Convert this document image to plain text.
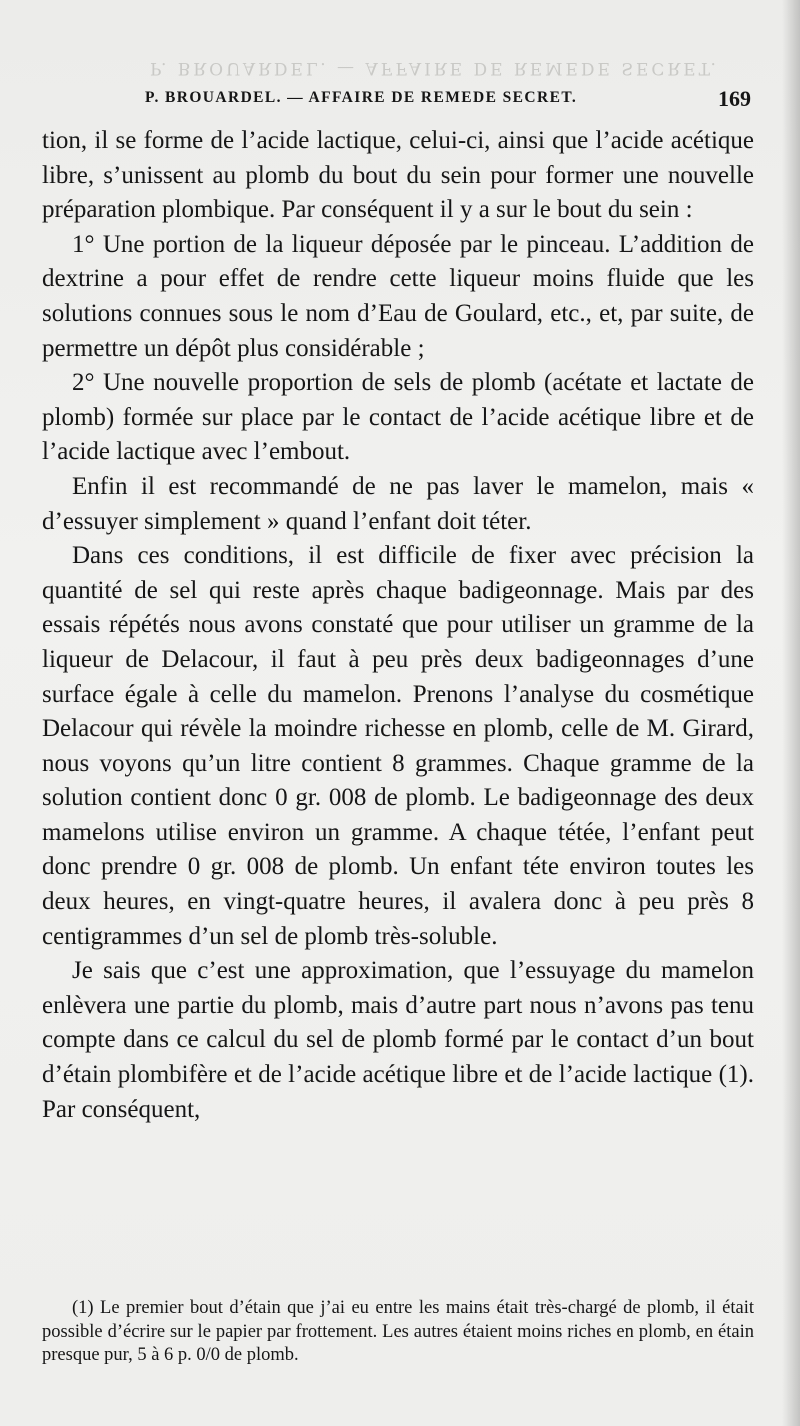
P. BROUARDEL. — AFFAIRE DE REMEDE SECRET.
P. BROUARDEL. — AFFAIRE DE REMEDE SECRET.	169

tion, il se forme de l’acide lactique, celui-ci, ainsi que l’acide acétique libre, s’unissent au plomb du bout du sein pour former une nouvelle préparation plombique. Par conséquent il y a sur le bout du sein :

1° Une portion de la liqueur déposée par le pinceau. L’addition de dextrine a pour effet de rendre cette liqueur moins fluide que les solutions connues sous le nom d’Eau de Goulard, etc., et, par suite, de permettre un dépôt plus considérable ;

2° Une nouvelle proportion de sels de plomb (acétate et lactate de plomb) formée sur place par le contact de l’acide acétique libre et de l’acide lactique avec l’embout.

Enfin il est recommandé de ne pas laver le mamelon, mais « d’essuyer simplement » quand l’enfant doit téter.

Dans ces conditions, il est difficile de fixer avec précision la quantité de sel qui reste après chaque badigeonnage. Mais par des essais répétés nous avons constaté que pour utiliser un gramme de la liqueur de Delacour, il faut à peu près deux badigeonnages d’une surface égale à celle du mamelon. Prenons l’analyse du cosmétique Delacour qui révèle la moindre richesse en plomb, celle de M. Girard, nous voyons qu’un litre contient 8 grammes. Chaque gramme de la solution contient donc 0 gr. 008 de plomb. Le badigeonnage des deux mamelons utilise environ un gramme. A chaque tétée, l’enfant peut donc prendre 0 gr. 008 de plomb. Un enfant téte environ toutes les deux heures, en vingt-quatre heures, il avalera donc à peu près 8 centigrammes d’un sel de plomb très-soluble.

Je sais que c’est une approximation, que l’essuyage du mamelon enlèvera une partie du plomb, mais d’autre part nous n’avons pas tenu compte dans ce calcul du sel de plomb formé par le contact d’un bout d’étain plombifère et de l’acide acétique libre et de l’acide lactique (1). Par conséquent,

(1) Le premier bout d’étain que j’ai eu entre les mains était très-chargé de plomb, il était possible d’écrire sur le papier par frottement. Les autres étaient moins riches en plomb, en étain presque pur, 5 à 6 p. 0/0 de plomb.
